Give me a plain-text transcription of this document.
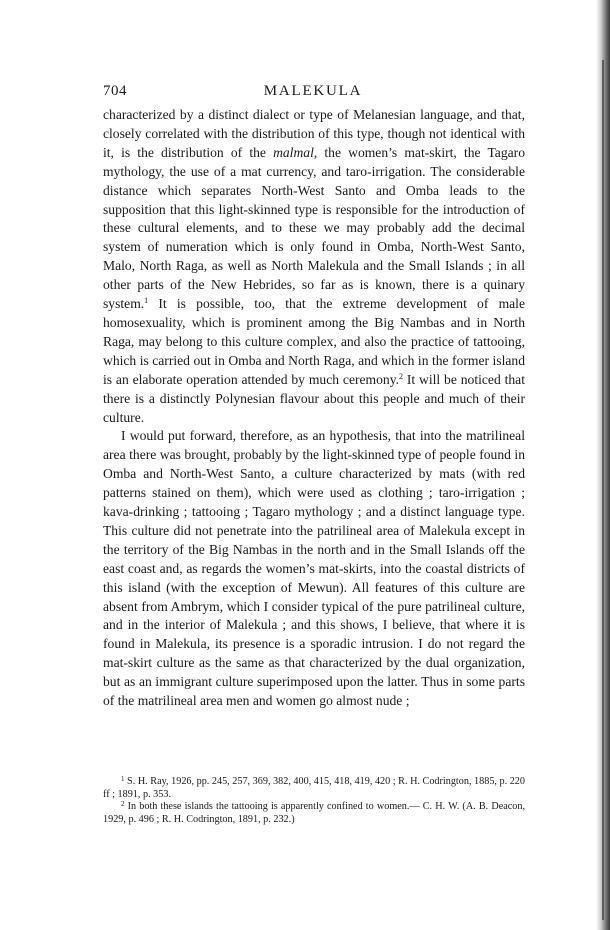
704	MALEKULA

characterized by a distinct dialect or type of Melanesian language, and that, closely correlated with the distribution of this type, though not identical with it, is the distribution of the malmal, the women’s mat-skirt, the Tagaro mythology, the use of a mat currency, and taro-irrigation. The considerable distance which separates North-West Santo and Omba leads to the supposition that this light-skinned type is responsible for the introduction of these cultural elements, and to these we may probably add the decimal system of numeration which is only found in Omba, North-West Santo, Malo, North Raga, as well as North Malekula and the Small Islands ; in all other parts of the New Hebrides, so far as is known, there is a quinary system.$^1$ It is possible, too, that the extreme development of male homosexuality, which is prominent among the Big Nambas and in North Raga, may belong to this culture complex, and also the practice of tattooing, which is carried out in Omba and North Raga, and which in the former island is an elaborate operation attended by much ceremony.$^2$ It will be noticed that there is a distinctly Polynesian flavour about this people and much of their culture.

I would put forward, therefore, as an hypothesis, that into the matrilineal area there was brought, probably by the light-skinned type of people found in Omba and North-West Santo, a culture characterized by mats (with red patterns stained on them), which were used as clothing ; taro-irrigation ; kava-drinking ; tattooing ; Tagaro mythology ; and a distinct language type. This culture did not penetrate into the patrilineal area of Malekula except in the territory of the Big Nambas in the north and in the Small Islands off the east coast and, as regards the women’s mat-skirts, into the coastal districts of this island (with the exception of Mewun). All features of this culture are absent from Ambrym, which I consider typical of the pure patrilineal culture, and in the interior of Malekula ; and this shows, I believe, that where it is found in Malekula, its presence is a sporadic intrusion. I do not regard the mat-skirt culture as the same as that characterized by the dual organization, but as an immigrant culture superimposed upon the latter. Thus in some parts of the matrilineal area men and women go almost nude ;

$^1$ S. H. Ray, 1926, pp. 245, 257, 369, 382, 400, 415, 418, 419, 420 ; R. H. Codrington, 1885, p. 220 ff ; 1891, p. 353.

$^2$ In both these islands the tattooing is apparently confined to women.— C. H. W. (A. B. Deacon, 1929, p. 496 ; R. H. Codrington, 1891, p. 232.)
